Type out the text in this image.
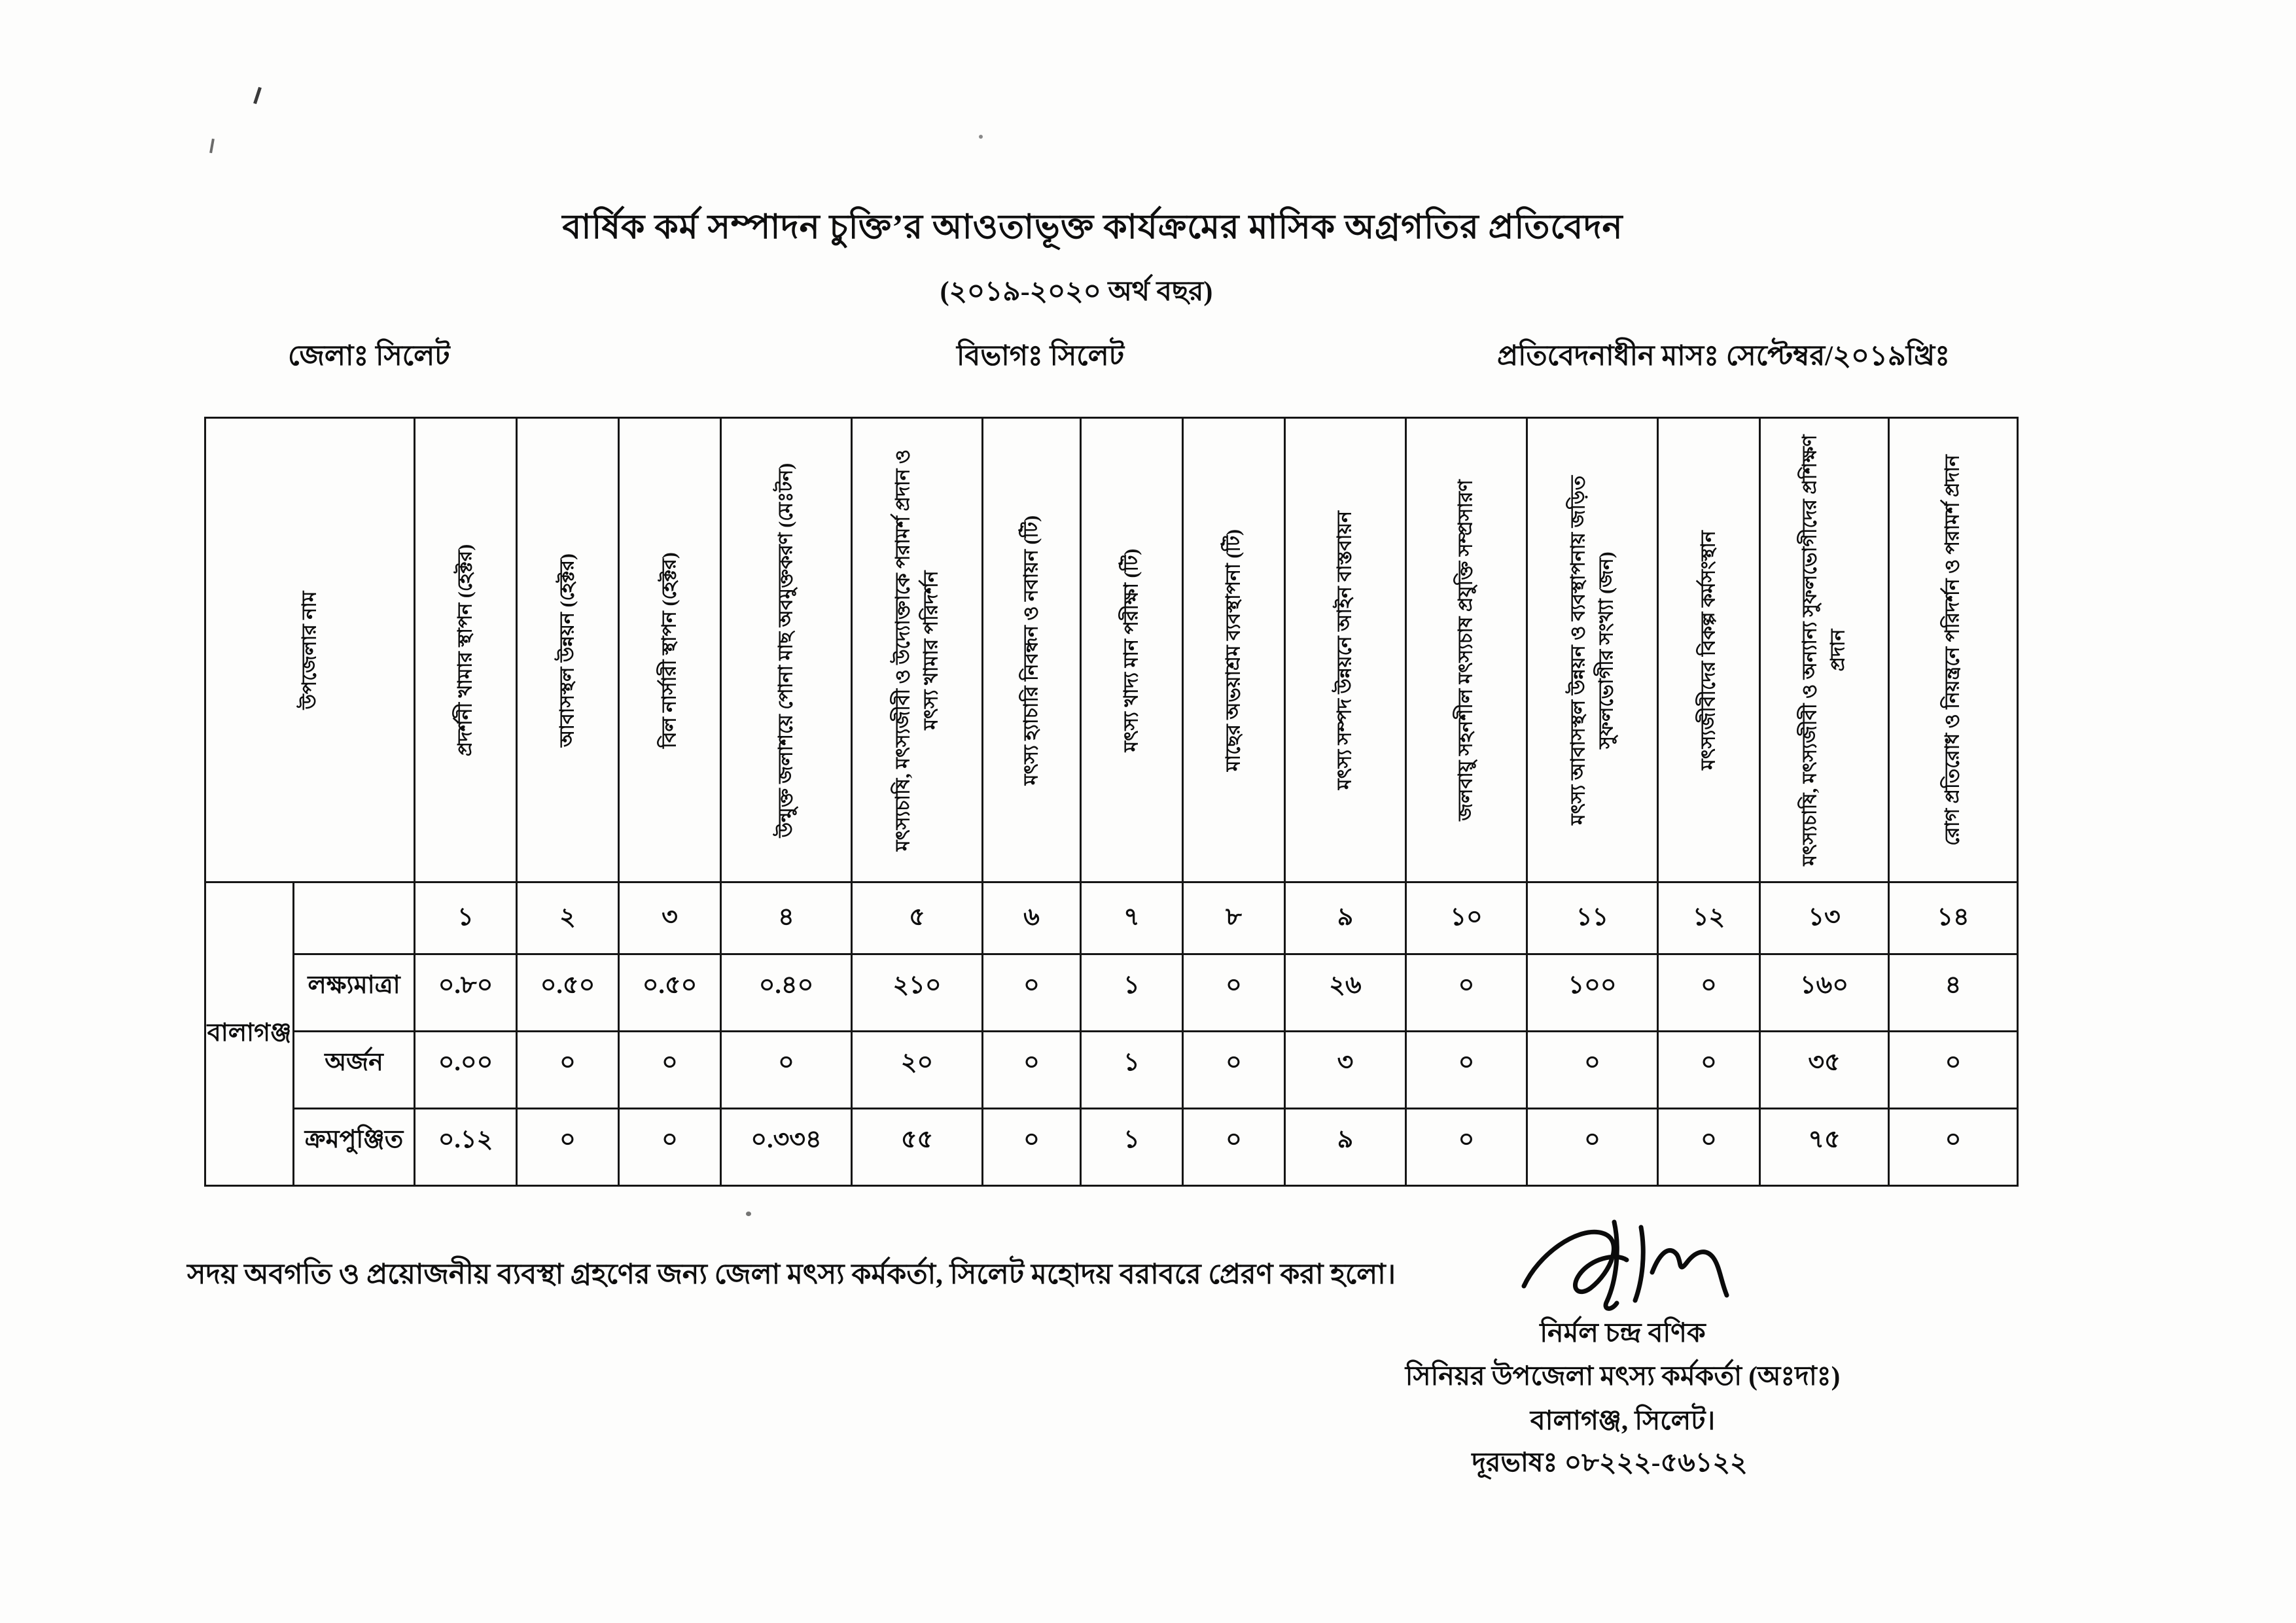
বার্ষিক কর্ম সম্পাদন চুক্তি’র আওতাভূক্ত কার্যক্রমের মাসিক অগ্রগতির প্রতিবেদন
(২০১৯-২০২০ অর্থ বছর)
জেলাঃ সিলেট	বিভাগঃ সিলেট	প্রতিবেদনাধীন মাসঃ সেপ্টেম্বর/২০১৯খ্রিঃ
উপজেলার নাম		প্রদর্শনী খামার স্থাপন (হেক্টর)	আবাসস্থল উন্নয়ন (হেক্টর)	বিল নার্সারী স্থাপন (হেক্টর)	উন্মুক্ত জলাশয়ে পোনা মাছ অবমুক্তকরণ (মেঃটন)	মৎস্যচাষি, মৎস্যজীবী ও উদ্যোক্তাকে পরামর্শ প্রদান ও মৎস্য খামার পরিদর্শন	মৎস্য হ্যাচারি নিবন্ধন ও নবায়ন (টি)	মৎস্য খাদ্য মান পরীক্ষা (টি)	মাছের অভয়াশ্রম ব্যবস্থাপনা (টি)	মৎস্য সম্পদ উন্নয়নে আইন বাস্তবায়ন	জলবায়ু সহনশীল মৎস্যচাষ প্রযুক্তি সম্প্রসারণ	মৎস্য আবাসস্থল উন্নয়ন ও ব্যবস্থাপনায় জড়িত সুফলভোগীর সংখ্যা (জন)	মৎস্যজীবীদের বিকল্প কর্মসংস্থান	মৎস্যচাষি, মৎস্যজীবী ও অন্যান্য সুফলভোগীদের প্রশিক্ষণ প্রদান	রোগ প্রতিরোধ ও নিয়ন্ত্রনে পরিদর্শন ও পরামর্শ প্রদান

বালাগঞ্জ		১	২	৩	৪	৫	৬	৭	৮	৯	১০	১১	১২	১৩	১৪
	লক্ষ্যমাত্রা	০.৮০	০.৫০	০.৫০	০.৪০	২১০	০	১	০	২৬	০	১০০	০	১৬০	৪
	অর্জন	০.০০	০	০	০	২০	০	১	০	৩	০	০	০	৩৫	০
	ক্রমপুঞ্জিত	০.১২	০	০	০.৩৩৪	৫৫	০	১	০	৯	০	০	০	৭৫	০
সদয় অবগতি ও প্রয়োজনীয় ব্যবস্থা গ্রহণের জন্য জেলা মৎস্য কর্মকর্তা, সিলেট মহোদয় বরাবরে প্রেরণ করা হলো।
নির্মল চন্দ্র বণিক
সিনিয়র উপজেলা মৎস্য কর্মকর্তা (অঃদাঃ)
বালাগঞ্জ, সিলেট।
দূরভাষঃ ০৮২২২-৫৬১২২
